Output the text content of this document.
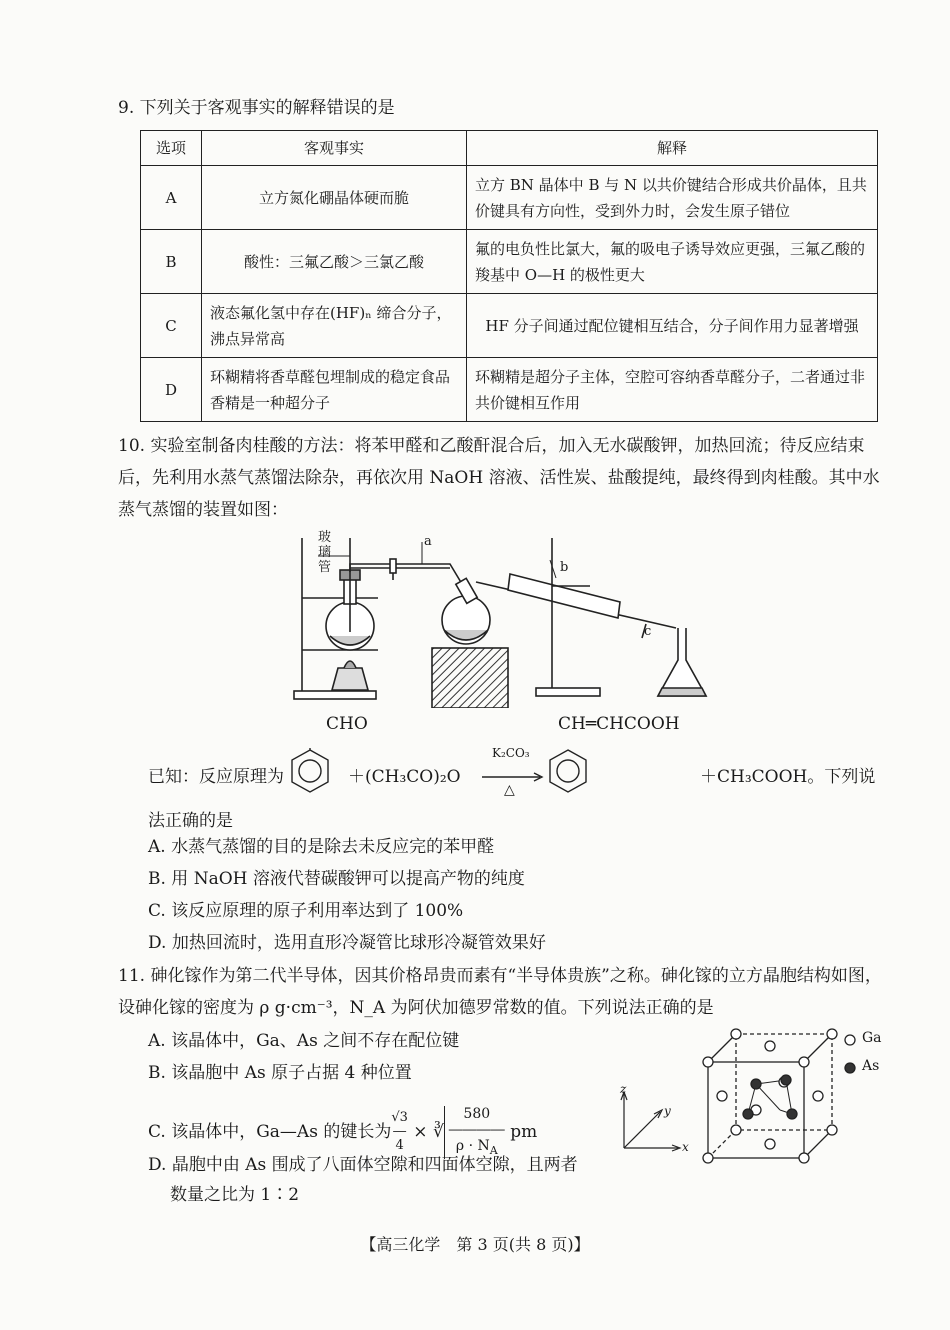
9. 下列关于客观事实的解释错误的是
选项	客观事实	解释
A	立方氮化硼晶体硬而脆	立方 BN 晶体中 B 与 N 以共价键结合形成共价晶体，且共价键具有方向性，受到外力时，会发生原子错位
B	酸性：三氟乙酸＞三氯乙酸	氟的电负性比氯大，氟的吸电子诱导效应更强，三氟乙酸的羧基中 O—H 的极性更大
C	液态氟化氢中存在(HF)ₙ 缔合分子，沸点异常高	HF 分子间通过配位键相互结合，分子间作用力显著增强
D	环糊精将香草醛包埋制成的稳定食品香精是一种超分子	环糊精是超分子主体，空腔可容纳香草醛分子，二者通过非共价键相互作用
10. 实验室制备肉桂酸的方法：将苯甲醛和乙酸酐混合后，加入无水碳酸钾，加热回流；待反应结束后，先利用水蒸气蒸馏法除杂，再依次用 NaOH 溶液、活性炭、盐酸提纯，最终得到肉桂酸。其中水蒸气蒸馏的装置如图：
玻璃管
a
b
c
已知：反应原理为
CHO
＋(CH₃CO)₂O
K₂CO₃
△
CH═CHCOOH
＋CH₃COOH。下列说
法正确的是
A. 水蒸气蒸馏的目的是除去未反应完的苯甲醛
B. 用 NaOH 溶液代替碳酸钾可以提高产物的纯度
C. 该反应原理的原子利用率达到了 100%
D. 加热回流时，选用直形冷凝管比球形冷凝管效果好
11. 砷化镓作为第二代半导体，因其价格昂贵而素有“半导体贵族”之称。砷化镓的立方晶胞结构如图，设砷化镓的密度为 ρ g·cm⁻³，N_A 为阿伏加德罗常数的值。下列说法正确的是
A. 该晶体中，Ga、As 之间不存在配位键
B. 该晶胞中 As 原子占据 4 种位置
C. 该晶体中，Ga—As 的键长为√3
―
4 × ∛580
――――
$\rho \cdot N_A$ pm
D. 晶胞中由 As 围成了八面体空隙和四面体空隙，且两者
数量之比为 1∶2
z
y
x
Ga
As
【高三化学　第 3 页(共 8 页)】
